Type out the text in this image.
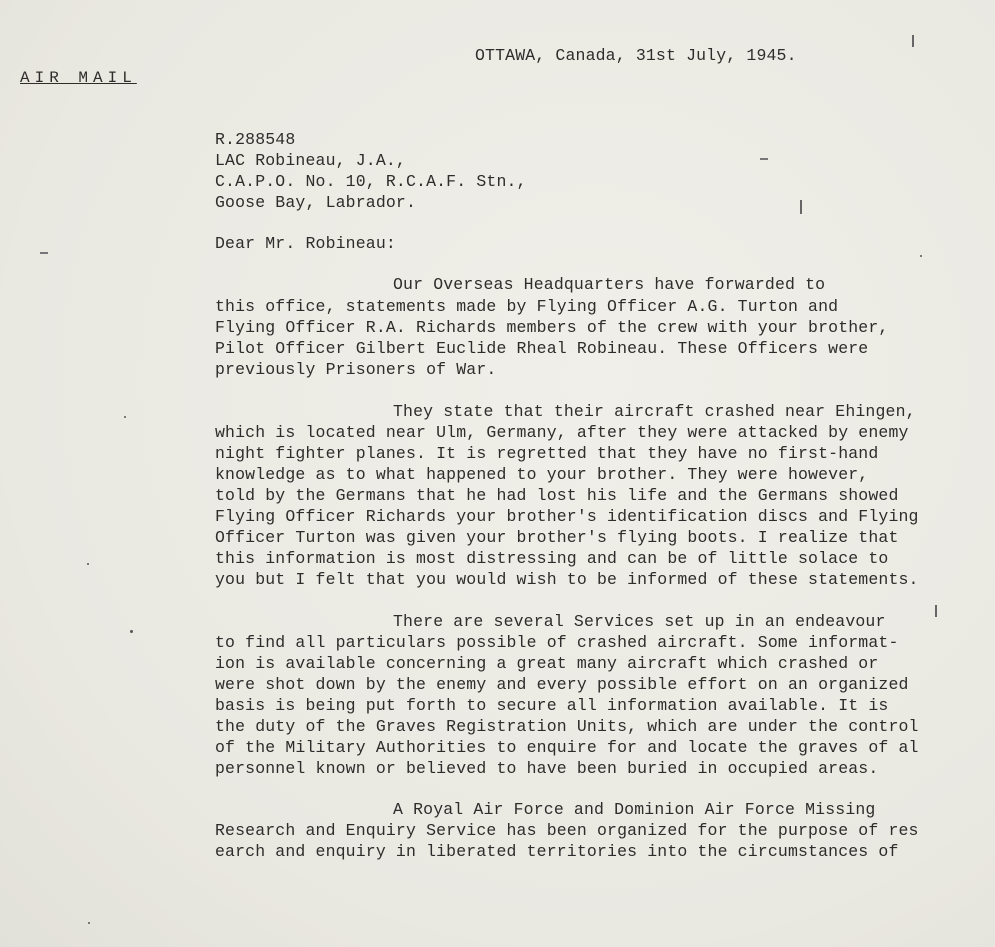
OTTAWA, Canada, 31st July, 1945.
AIR MAIL
R.288548
LAC Robineau, J.A.,
C.A.P.O. No. 10, R.C.A.F. Stn.,
Goose Bay, Labrador.
Dear Mr. Robineau:
Our Overseas Headquarters have forwarded to
this office, statements made by Flying Officer A.G. Turton and
Flying Officer R.A. Richards members of the crew with your brother,
Pilot Officer Gilbert Euclide Rheal Robineau. These Officers were
previously Prisoners of War.
They state that their aircraft crashed near Ehingen,
which is located near Ulm, Germany, after they were attacked by enemy
night fighter planes. It is regretted that they have no first-hand
knowledge as to what happened to your brother. They were however,
told by the Germans that he had lost his life and the Germans showed
Flying Officer Richards your brother's identification discs and Flying
Officer Turton was given your brother's flying boots. I realize that
this information is most distressing and can be of little solace to
you but I felt that you would wish to be informed of these statements.
There are several Services set up in an endeavour
to find all particulars possible of crashed aircraft. Some informat-
ion is available concerning a great many aircraft which crashed or
were shot down by the enemy and every possible effort on an organized
basis is being put forth to secure all information available. It is
the duty of the Graves Registration Units, which are under the control
of the Military Authorities to enquire for and locate the graves of al
personnel known or believed to have been buried in occupied areas.
A Royal Air Force and Dominion Air Force Missing
Research and Enquiry Service has been organized for the purpose of res
earch and enquiry in liberated territories into the circumstances of
